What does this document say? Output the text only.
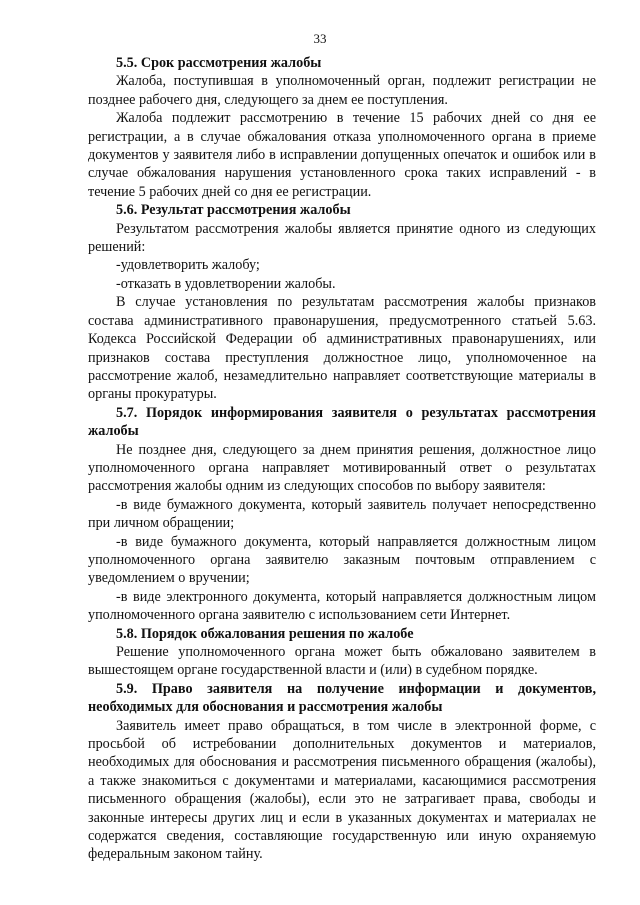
33
5.5. Срок рассмотрения жалобы

Жалоба, поступившая в уполномоченный орган, подлежит регистрации не позднее рабочего дня, следующего за днем ее поступления.

Жалоба подлежит рассмотрению в течение 15 рабочих дней со дня ее регистрации, а в случае обжалования отказа уполномоченного органа в приеме документов у заявителя либо в исправлении допущенных опечаток и ошибок или в случае обжалования нарушения установленного срока таких исправлений - в течение 5 рабочих дней со дня ее регистрации.

5.6. Результат рассмотрения жалобы

Результатом рассмотрения жалобы является принятие одного из следующих решений:

-удовлетворить жалобу;

-отказать в удовлетворении жалобы.

В случае установления по результатам рассмотрения жалобы признаков состава административного правонарушения, предусмотренного статьей 5.63. Кодекса Российской Федерации об административных правонарушениях, или признаков состава преступления должностное лицо, уполномоченное на рассмотрение жалоб, незамедлительно направляет соответствующие материалы в органы прокуратуры.

5.7. Порядок информирования заявителя о результатах рассмотрения жалобы

Не позднее дня, следующего за днем принятия решения, должностное лицо уполномоченного органа направляет мотивированный ответ о результатах рассмотрения жалобы одним из следующих способов по выбору заявителя:

-в виде бумажного документа, который заявитель получает непосредственно при личном обращении;

-в виде бумажного документа, который направляется должностным лицом уполномоченного органа заявителю заказным почтовым отправлением с уведомлением о вручении;

-в виде электронного документа, который направляется должностным лицом уполномоченного органа заявителю с использованием сети Интернет.

5.8. Порядок обжалования решения по жалобе

Решение уполномоченного органа может быть обжаловано заявителем в вышестоящем органе государственной власти и (или) в судебном порядке.

5.9. Право заявителя на получение информации и документов, необходимых для обоснования и рассмотрения жалобы

Заявитель имеет право обращаться, в том числе в электронной форме, с просьбой об истребовании дополнительных документов и материалов, необходимых для обоснования и рассмотрения письменного обращения (жалобы), а также знакомиться с документами и материалами, касающимися рассмотрения письменного обращения (жалобы), если это не затрагивает права, свободы и законные интересы других лиц и если в указанных документах и материалах не содержатся сведения, составляющие государственную или иную охраняемую федеральным законом тайну.
